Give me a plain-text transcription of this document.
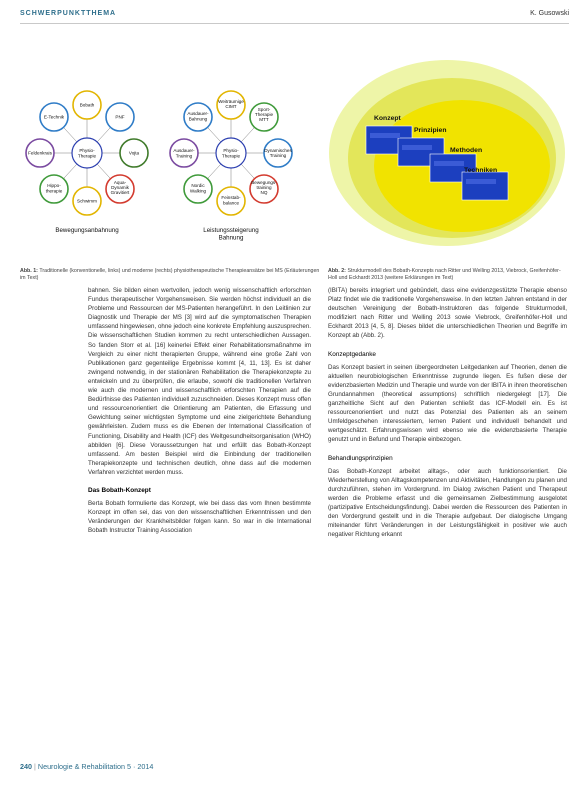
SCHWERPUNKTTHEMA	K. Gusowski
Physio-Therapie
Bobath
PNF
Vojta
Aqua-Dynamik Gravitiert
Schwimm
Hippo-therapie
Feldenkrais
E-Technik
Bewegungsanbahnung
Physio-Therapie
Weiträumige CIMT
Sport-Therapie MTT
Dynamisches Training
Bewegungs-training NQ
Feinstab-balance
Nordic Walking
Ausdauer-Training
Ausdauer-Bahnung
Leistungssteigerung Bahnung
Konzept
Prinzipien
Methoden
Techniken
Abb. 1: Traditionelle (konventionelle, links) und moderne (rechts) physiotherapeutische Therapieansätze bei MS (Erläuterungen im Text)
Abb. 2: Strukturmodell des Bobath-Konzepts nach Ritter und Welling 2013, Viebrock, Greifenhöfer-Holl und Eckhardt 2013 (weitere Erklärungen im Text)

bahnen. Sie bilden einen wertvollen, jedoch wenig wissenschaftlich erforschten Fundus therapeutischer Vorgehensweisen. Sie werden höchst individuell an die Probleme und Ressourcen der MS-Patienten herangeführt. In den Leitlinien zur Diagnostik und Therapie der MS [3] wird auf die symptomatischen Therapien umfassend hingewiesen, ohne jedoch eine konkrete Empfehlung auszusprechen. Die wissenschaftlichen Studien kommen zu recht unterschiedlichen Aussagen. So fanden Storr et al. [16] keinerlei Effekt einer Rehabilitationsmaßnahme im Vergleich zu einer nicht therapierten Gruppe, während eine große Zahl von Publikationen ganz gegenteilige Ergebnisse kommt [4, 11, 13]. Es ist daher zwingend notwendig, in der stationären Rehabilitation die Therapiekonzepte zu entwickeln und zu überprüfen, die erlaube, sowohl die traditionellen Verfahren wie auch die modernen und wissenschaftlich erforschten Therapien auf die Bedürfnisse des Patienten individuell zuzuschneiden. Dieses Konzept muss offen und ressourcenorientiert die Orientierung am Patienten, die Erfassung und Gewichtung seiner wichtigsten Symptome und eine zielgerichtete Behandlung gewährleisten. Zudem muss es die Ebenen der International Classification of Functioning, Disability and Health (ICF) des Weltgesundheitsorganisation (WHO) abbilden [6]. Diese Voraussetzungen hat und erfüllt das Bobath-Konzept umfassend. Am besten Beispiel wird die Einbindung der traditionellen Therapiekonzepte und technischen deutlich, ohne dass auf die modernen Verfahren verzichtet werden muss.

Das Bobath-Konzept

Berta Bobath formulierte das Konzept, wie bei dass das vom Ihnen bestimmte Konzept im offen sei, das von den wissenschaftlichen Erkenntnissen und den Veränderungen der Krankheitsbilder folgen kann. So war in die International Bobath Instructor Training Association

(IBITA) bereits integriert und gebündelt, dass eine evidenzgestützte Therapie ebenso Platz findet wie die traditionelle Vorgehensweise. In den letzten Jahren entstand in der deutschen Vereinigung der Bobath-Instruktoren das folgende Strukturmodell, modifiziert nach Ritter und Welling 2013 sowie Viebrock, Greifenhöfer-Holl und Eckhardt 2013 [4, 5, 8]. Dieses bildet die unterschiedlichen Theorien und Begriffe im Konzept ab (Abb. 2).

Konzeptgedanke

Das Konzept basiert in seinen übergeordneten Leitgedanken auf Theorien, denen die aktuellen neurobiologischen Erkenntnisse zugrunde liegen. Es fußen diese der evidenzbasierten Medizin und Therapie und wurde von der IBITA in ihren theoretischen Grundannahmen (theoretical assumptions) schriftlich niedergelegt [17]. Die ganzheitliche Sicht auf den Patienten schließt das ICF-Modell ein. Es ist ressourcenorientiert und nutzt das Potenzial des Patienten als an seinem Umfeldgeschehen interessiertem, lernen Patient und individuell behandelt und wertgeschätzt. Erfahrungswissen wird ebenso wie die evidenzbasierte Therapie genutzt und in Befund und Therapie einbezogen.

Behandlungsprinzipien

Das Bobath-Konzept arbeitet alltags-, oder auch funktionsorientiert. Die Wiederherstellung von Alltagskompetenzen und Aktivitäten, Handlungen zu planen und durchzuführen, stehen im Vordergrund. Im Dialog zwischen Patient und Therapeut werden die Probleme erfasst und die gemeinsamen Zielbestimmung ausgelotet (partizipative Entscheidungsfindung). Dabei werden die Ressourcen des Patienten in den Vordergrund gestellt und in die Therapie aufgebaut. Der dialogische Umgang miteinander führt Veränderungen in der Leistungsfähigkeit in positiver wie auch negativer Richtung erkannt

240 | Neurologie & Rehabilitation 5 · 2014
